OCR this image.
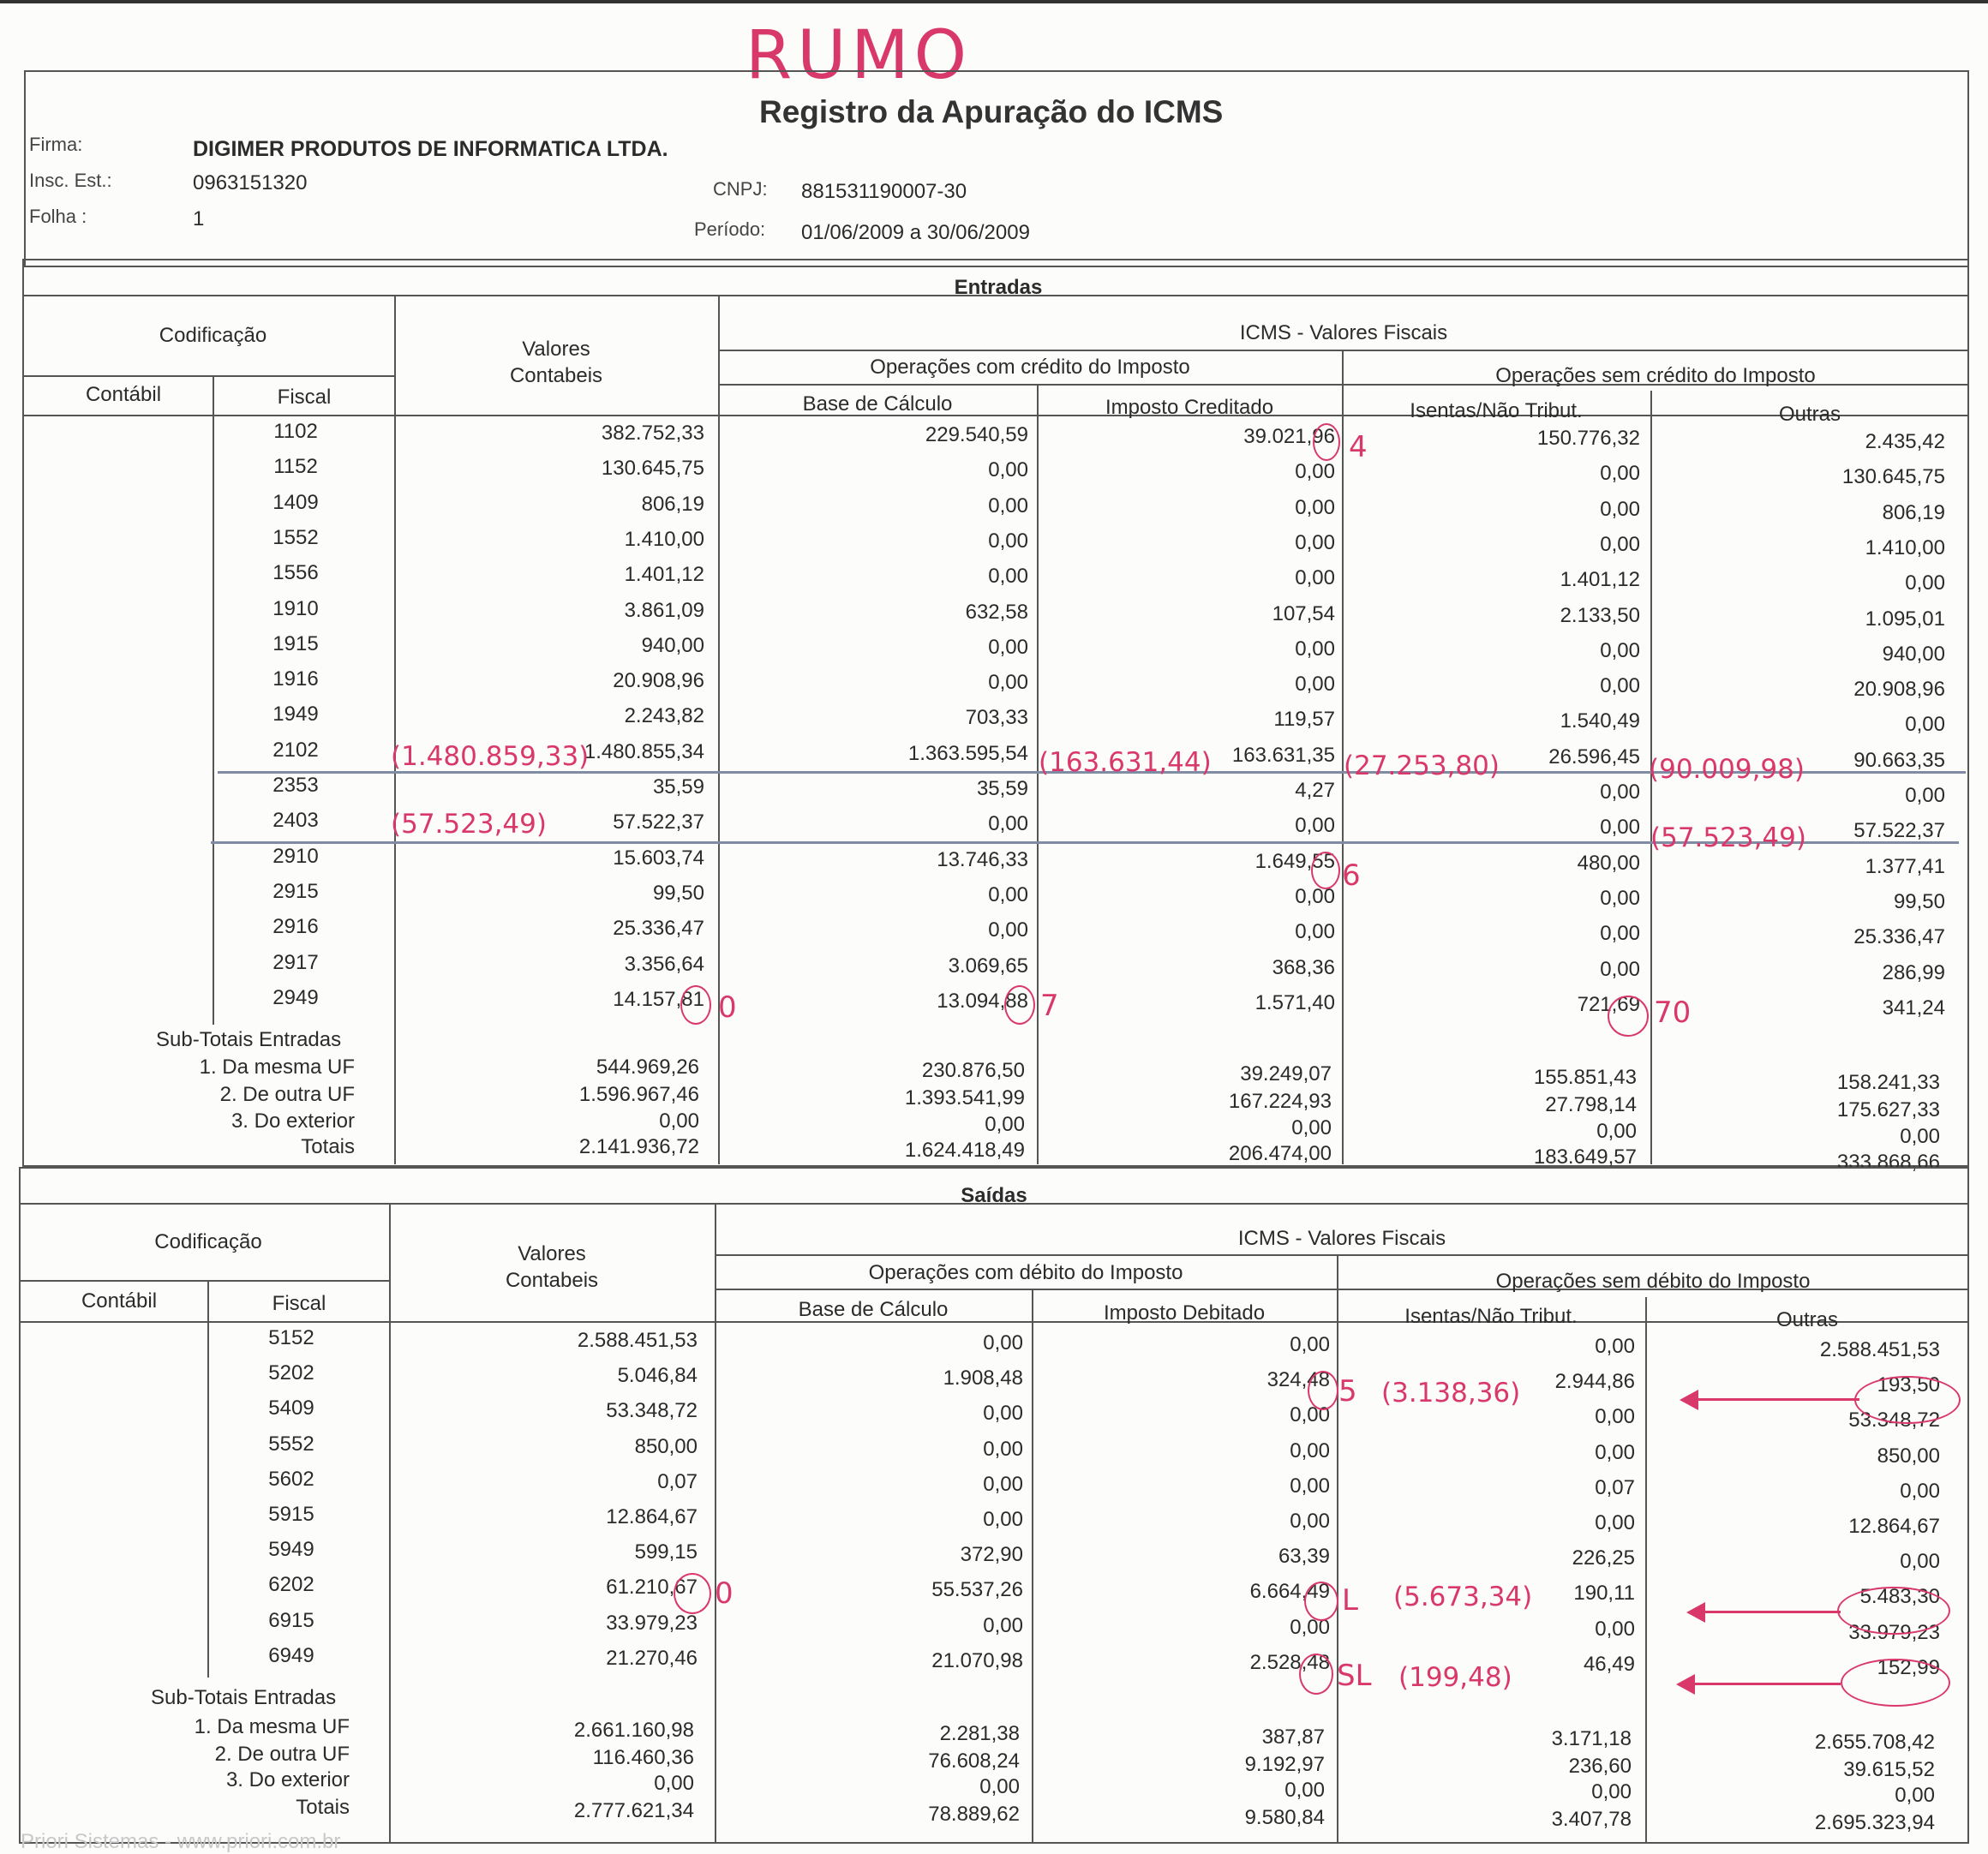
RUMO
Registro da Apuração do ICMS
Firma:	DIGIMER PRODUTOS DE INFORMATICA LTDA.
Insc. Est.:	0963151320
Folha :	1
CNPJ: 881531190007-30
Período: 01/06/2009 a 30/06/2009
Entradas
Codificação
Contábil	Fiscal
Valores
Contabeis
ICMS - Valores Fiscais
Operações com crédito do Imposto	Operações sem crédito do Imposto
Base de Cálculo	Imposto Creditado	Isentas/Não Tribut.	Outras
1102	382.752,33	229.540,59	39.021,96	150.776,32	2.435,42
1152	130.645,75	0,00	0,00	0,00	130.645,75
1409	806,19	0,00	0,00	0,00	806,19
1552	1.410,00	0,00	0,00	0,00	1.410,00
1556	1.401,12	0,00	0,00	1.401,12	0,00
1910	3.861,09	632,58	107,54	2.133,50	1.095,01
1915	940,00	0,00	0,00	0,00	940,00
1916	20.908,96	0,00	0,00	0,00	20.908,96
1949	2.243,82	703,33	119,57	1.540,49	0,00
2102	1.480.855,34	1.363.595,54	163.631,35	26.596,45	90.663,35
2353	35,59	35,59	4,27	0,00	0,00
2403	57.522,37	0,00	0,00	0,00	57.522,37
2910	15.603,74	13.746,33	1.649,55	480,00	1.377,41
2915	99,50	0,00	0,00	0,00	99,50
2916	25.336,47	0,00	0,00	0,00	25.336,47
2917	3.356,64	3.069,65	368,36	0,00	286,99
2949	14.157,81	13.094,88	1.571,40	721,69	341,24
Sub-Totais Entradas
1. Da mesma UF	544.969,26	230.876,50	39.249,07	155.851,43	158.241,33
2. De outra UF	1.596.967,46	1.393.541,99	167.224,93	27.798,14	175.627,33
3. Do exterior	0,00	0,00	0,00	0,00	0,00
Totais	2.141.936,72	1.624.418,49	206.474,00	183.649,57	333.868,66
Saídas
Codificação
Contábil	Fiscal
Valores
Contabeis
ICMS - Valores Fiscais
Operações com débito do Imposto	Operações sem débito do Imposto
Base de Cálculo	Imposto Debitado	Isentas/Não Tribut.	Outras
5152	2.588.451,53	0,00	0,00	0,00	2.588.451,53
5202	5.046,84	1.908,48	324,48	2.944,86	193,50
5409	53.348,72	0,00	0,00	0,00	53.348,72
5552	850,00	0,00	0,00	0,00	850,00
5602	0,07	0,00	0,00	0,07	0,00
5915	12.864,67	0,00	0,00	0,00	12.864,67
5949	599,15	372,90	63,39	226,25	0,00
6202	61.210,67	55.537,26	6.664,49	190,11	5.483,30
6915	33.979,23	0,00	0,00	0,00	33.979,23
6949	21.270,46	21.070,98	2.528,48	46,49	152,99
Sub-Totais Entradas
1. Da mesma UF	2.661.160,98	2.281,38	387,87	3.171,18	2.655.708,42
2. De outra UF	116.460,36	76.608,24	9.192,97	236,60	39.615,52
3. Do exterior	0,00	0,00	0,00	0,00	0,00
Totais	2.777.621,34	78.889,62	9.580,84	3.407,78	2.695.323,94
4
(1.480.859,33)	(163.631,44)	(27.253,80)	(90.009,98)
(57.523,49)	(57.523,49)
6
0	7	70
5 (3.138,36)
0	L (5.673,34)
SL (199,48)
Priori Sistemas - www.priori.com.br
